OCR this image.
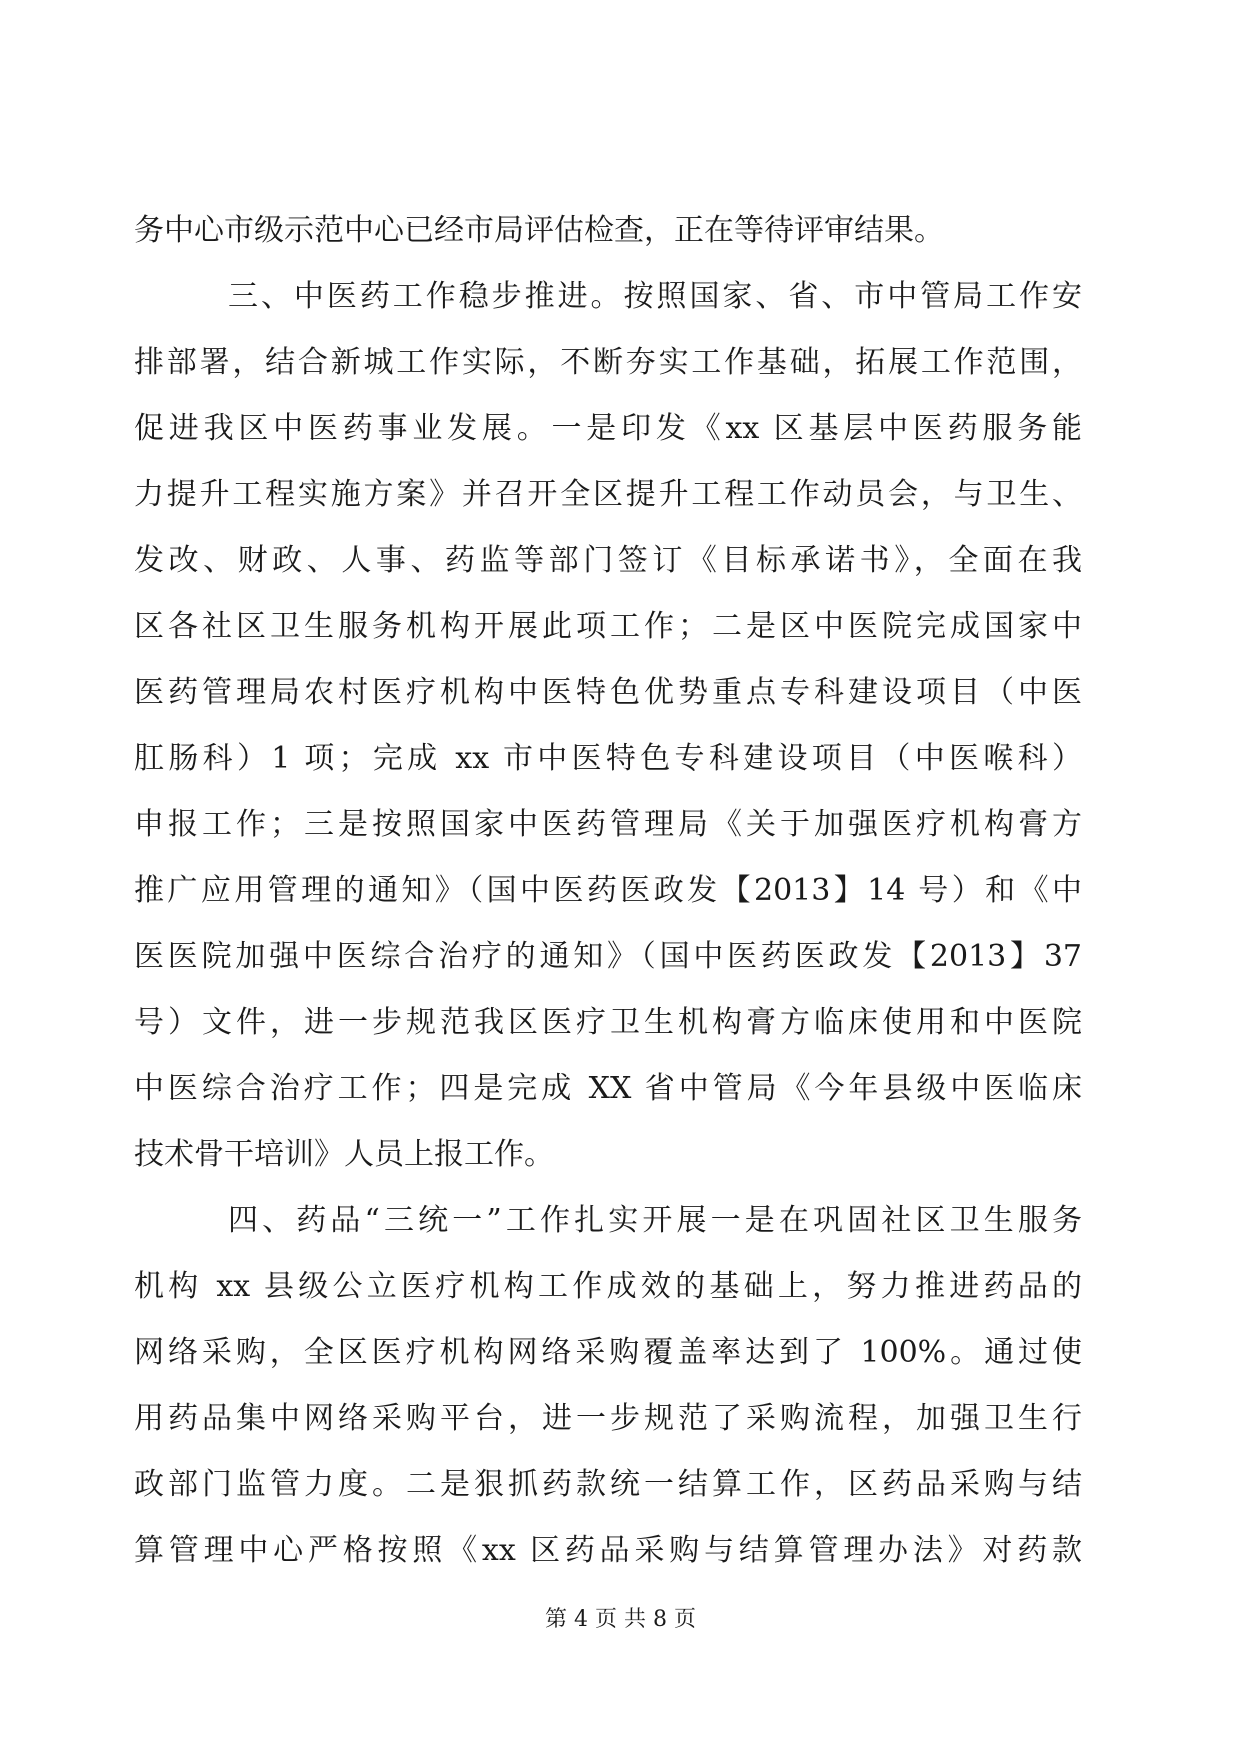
务中心市级示范中心已经市局评估检查，正在等待评审结果。
三、中医药工作稳步推进。按照国家、省、市中管局工作安
排部署，结合新城工作实际，不断夯实工作基础，拓展工作范围，
促进我区中医药事业发展。一是印发《xx 区基层中医药服务能
力提升工程实施方案》并召开全区提升工程工作动员会，与卫生、
发改、财政、人事、药监等部门签订《目标承诺书》，全面在我
区各社区卫生服务机构开展此项工作；二是区中医院完成国家中
医药管理局农村医疗机构中医特色优势重点专科建设项目（中医
肛肠科）1 项；完成 xx 市中医特色专科建设项目（中医喉科）
申报工作；三是按照国家中医药管理局《关于加强医疗机构膏方
推广应用管理的通知》（国中医药医政发【2013】14 号）和《中
医医院加强中医综合治疗的通知》（国中医药医政发【2013】37
号）文件，进一步规范我区医疗卫生机构膏方临床使用和中医院
中医综合治疗工作；四是完成 XX 省中管局《今年县级中医临床
技术骨干培训》人员上报工作。
四、药品“三统一”工作扎实开展一是在巩固社区卫生服务
机构 xx 县级公立医疗机构工作成效的基础上，努力推进药品的
网络采购，全区医疗机构网络采购覆盖率达到了 100%。通过使
用药品集中网络采购平台，进一步规范了采购流程，加强卫生行
政部门监管力度。二是狠抓药款统一结算工作，区药品采购与结
算管理中心严格按照《xx 区药品采购与结算管理办法》对药款
第 4 页 共 8 页
